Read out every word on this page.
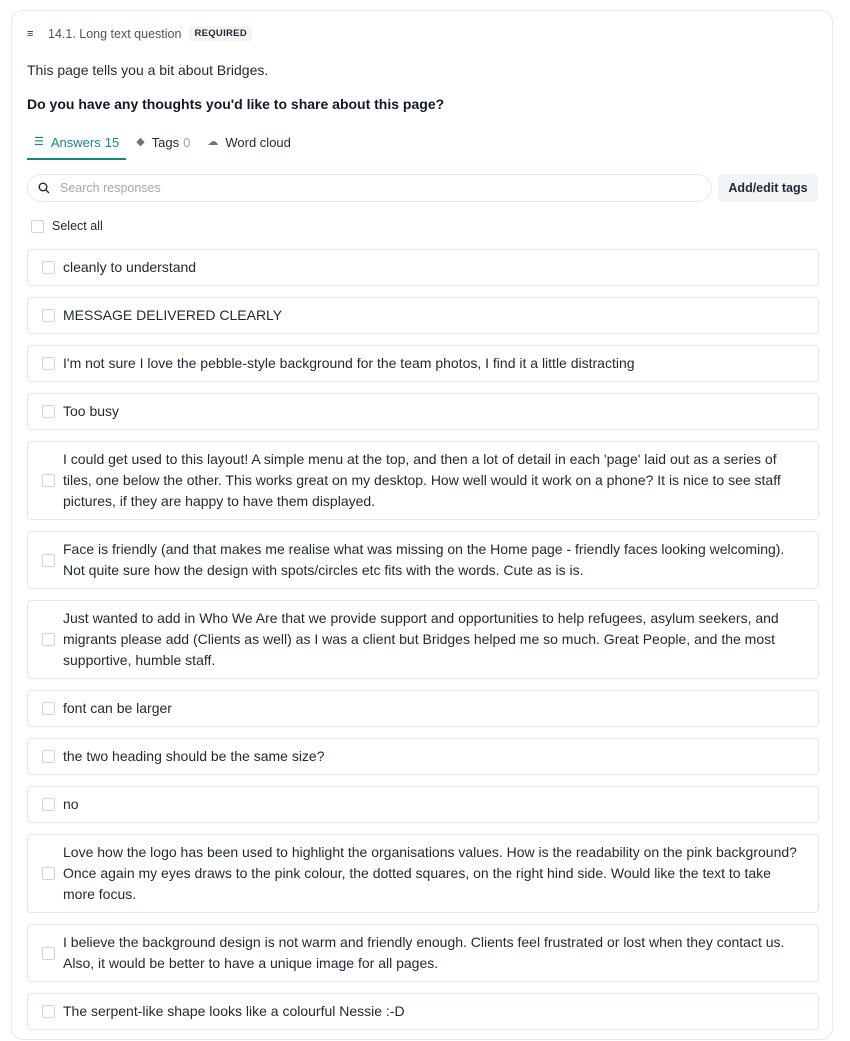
≡	14.1. Long text question	REQUIRED
This page tells you a bit about Bridges.
Do you have any thoughts you'd like to share about this page?
☰ Answers 15 ◆ Tags 0 ☁ Word cloud
Search responses
Add/edit tags
Select all
cleanly to understand
MESSAGE DELIVERED CLEARLY
I'm not sure I love the pebble-style background for the team photos, I find it a little distracting
Too busy
I could get used to this layout! A simple menu at the top, and then a lot of detail in each 'page' laid out as a series of tiles, one below the other. This works great on my desktop. How well would it work on a phone? It is nice to see staff pictures, if they are happy to have them displayed.
Face is friendly (and that makes me realise what was missing on the Home page - friendly faces looking welcoming). Not quite sure how the design with spots/circles etc fits with the words. Cute as is is.
Just wanted to add in Who We Are that we provide support and opportunities to help refugees, asylum seekers, and migrants please add (Clients as well) as I was a client but Bridges helped me so much. Great People, and the most supportive, humble staff.
font can be larger
the two heading should be the same size?
no
Love how the logo has been used to highlight the organisations values. How is the readability on the pink background? Once again my eyes draws to the pink colour, the dotted squares, on the right hind side. Would like the text to take more focus.
I believe the background design is not warm and friendly enough. Clients feel frustrated or lost when they contact us. Also, it would be better to have a unique image for all pages.
The serpent-like shape looks like a colourful Nessie :-D
